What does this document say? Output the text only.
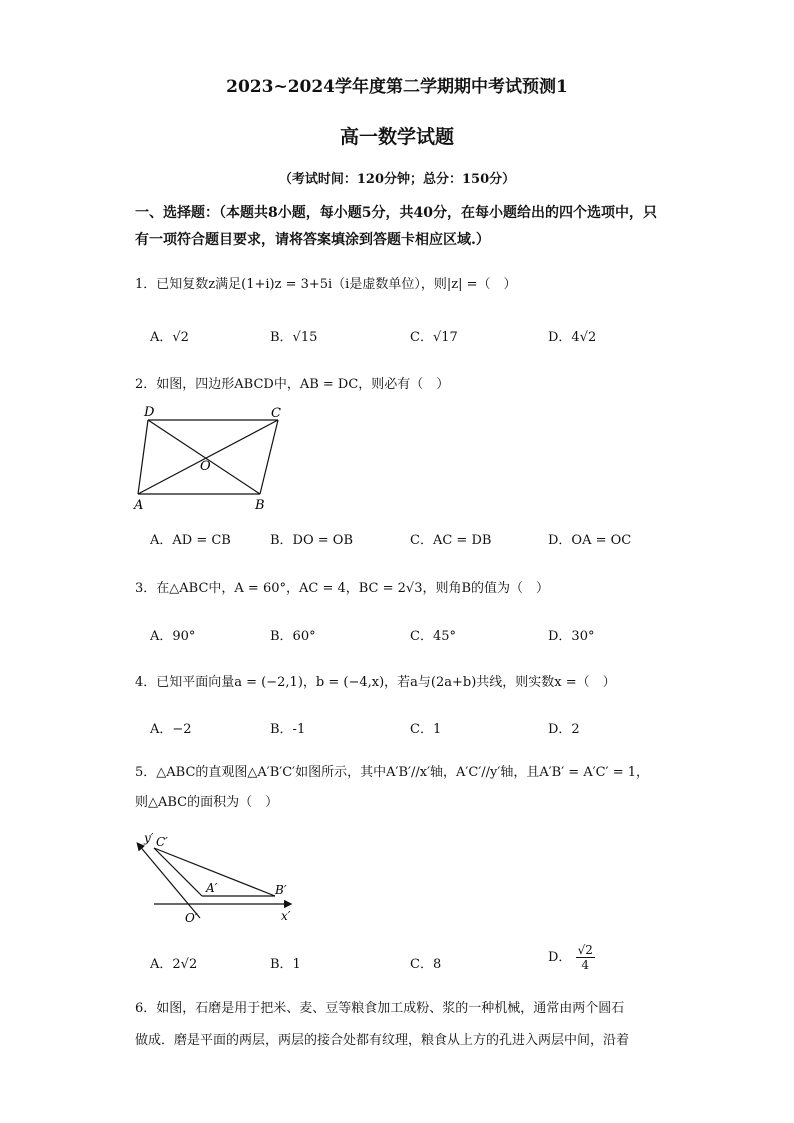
2023~2024学年度第二学期期中考试预测1
高一数学试题
（考试时间：120分钟；总分：150分）
一、选择题：（本题共8小题，每小题5分，共40分，在每小题给出的四个选项中，只有一项符合题目要求，请将答案填涂到答题卡相应区域.）
1．已知复数z满足(1+i)z = 3+5i（i是虚数单位），则|z| =（　）
A．√2	B．√15	C．√17	D．4√2
2．如图，四边形ABCD中，AB = DC，则必有（　）
D	C
O
A	B
A．AD = CB	B．DO = OB	C．AC = DB	D．OA = OC
3．在△ABC中，A = 60°，AC = 4，BC = 2√3，则角B的值为（　）
A．90°	B．60°	C．45°	D．30°
4．已知平面向量a = (−2,1)，b = (−4,x)，若a与(2a+b)共线，则实数x =（　）
A．−2	B．-1	C．1	D．2
5．△ABC的直观图△A′B′C′如图所示，其中A′B′//x′轴，A′C′//y′轴，且A′B′ = A′C′ = 1，
则△ABC的面积为（　）
y′ C′
A′	B′
O′	x′
A．2√2	B．1	C．8	D． $\frac{√2}{4}$
6．如图，石磨是用于把米、麦、豆等粮食加工成粉、浆的一种机械，通常由两个圆石
做成．磨是平面的两层，两层的接合处都有纹理，粮食从上方的孔进入两层中间，沿着
